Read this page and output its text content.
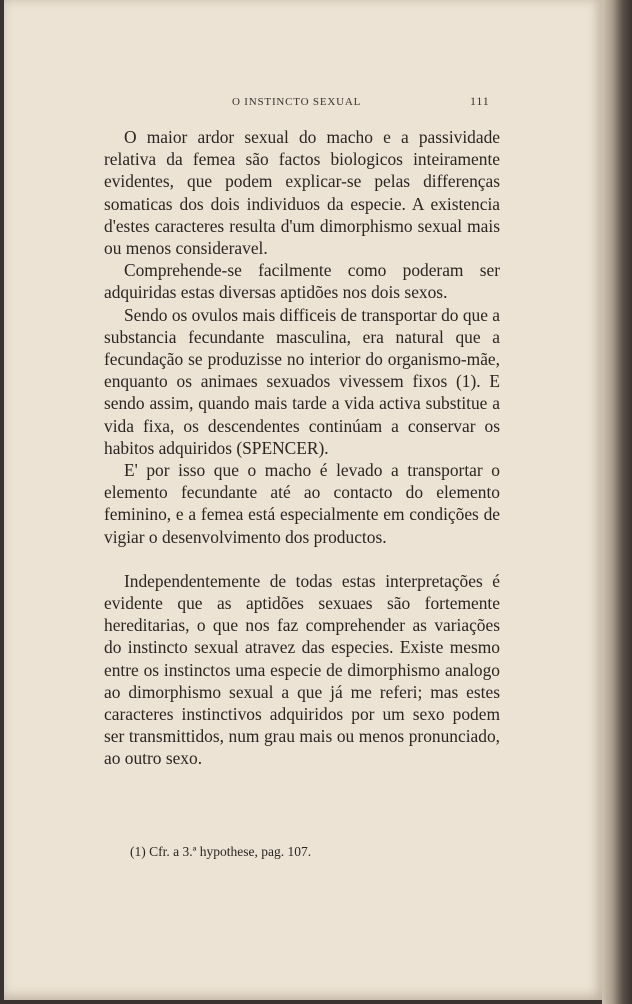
O INSTINCTO SEXUAL	111

O maior ardor sexual do macho e a passividade relativa da femea são factos biologicos inteiramente evidentes, que podem explicar-se pelas differenças somaticas dos dois individuos da especie. A existencia d'estes caracteres resulta d'um dimorphismo sexual mais ou menos consideravel.

Comprehende-se facilmente como poderam ser adquiridas estas diversas aptidões nos dois sexos.

Sendo os ovulos mais difficeis de transportar do que a substancia fecundante masculina, era natural que a fecundação se produzisse no interior do organismo-mãe, enquanto os animaes sexuados vivessem fixos (1). E sendo assim, quando mais tarde a vida activa substitue a vida fixa, os descendentes continúam a conservar os habitos adquiridos (SPENCER).

E' por isso que o macho é levado a transportar o elemento fecundante até ao contacto do elemento feminino, e a femea está especialmente em condições de vigiar o desenvolvimento dos productos.

Independentemente de todas estas interpretações é evidente que as aptidões sexuaes são fortemente hereditarias, o que nos faz comprehender as variações do instincto sexual atravez das especies. Existe mesmo entre os instinctos uma especie de dimorphismo analogo ao dimorphismo sexual a que já me referi; mas estes caracteres instinctivos adquiridos por um sexo podem ser transmittidos, num grau mais ou menos pronunciado, ao outro sexo.

(1) Cfr. a 3.ª hypothese, pag. 107.
